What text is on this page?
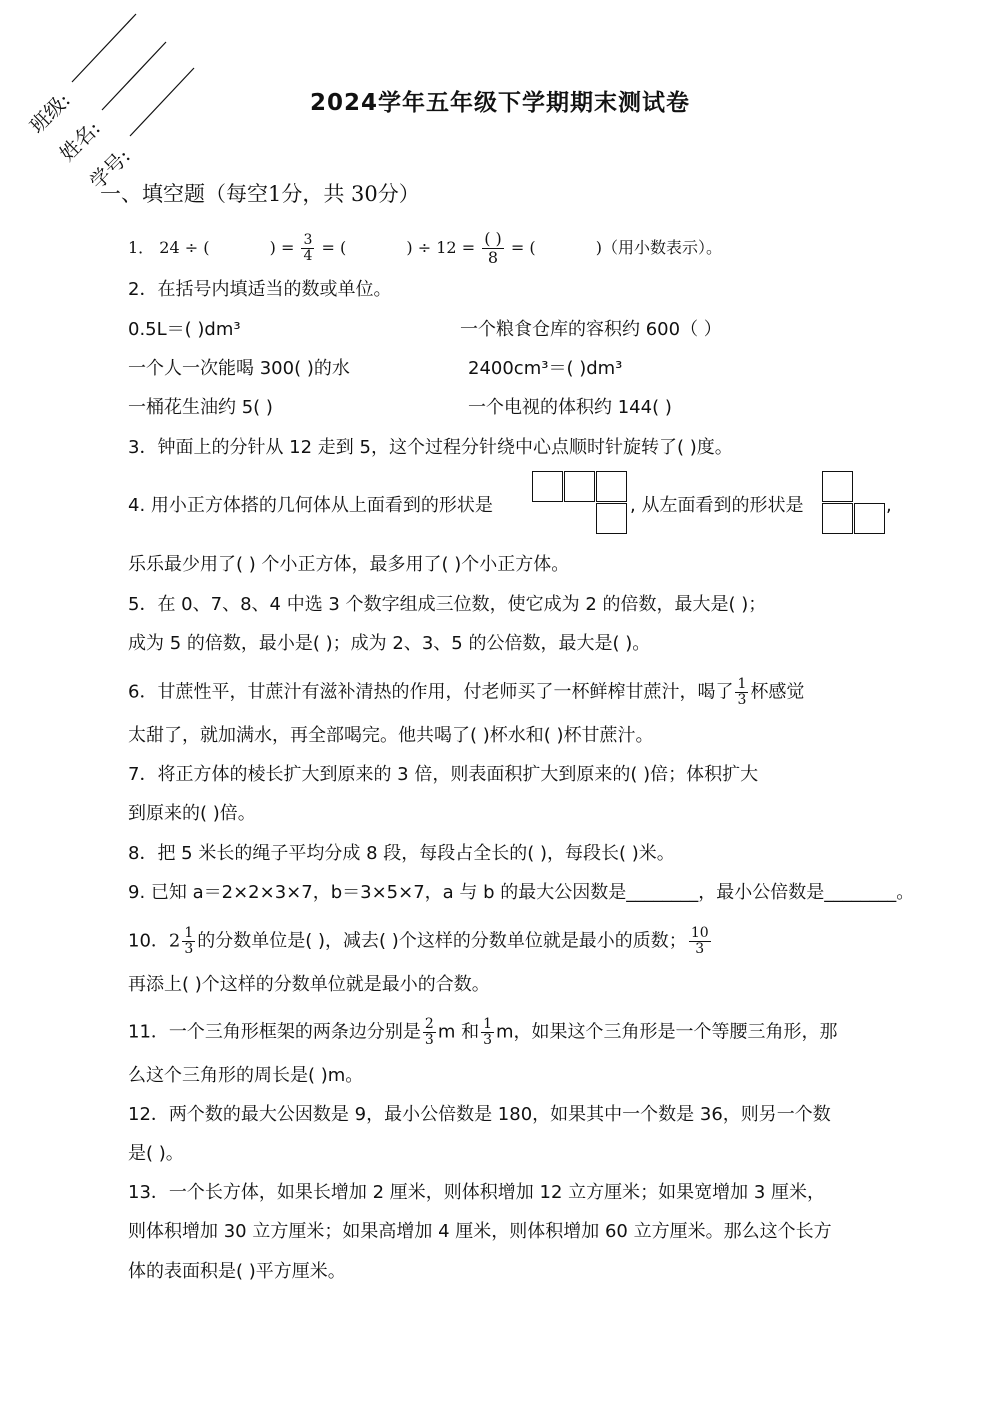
班级:
姓名:
学号:
2024学年五年级下学期期末测试卷
一、填空题（每空1分，共 30分）
1． 24 ÷ (	) = $\frac{3}{4}$ = (	) ÷ $12 = \frac{( )}{8}$ = (	)（用小数表示）。
2．在括号内填适当的数或单位。
0.5L＝( )dm³	一个粮食仓库的容积约 600（ ）
一个人一次能喝 300( )的水	2400cm³＝( )dm³
一桶花生油约 5( )	一个电视的体积约 144( )
3．钟面上的分针从 12 走到 5，这个过程分针绕中心点顺时针旋转了( )度。
4. 用小正方体搭的几何体从上面看到的形状是	, 从左面看到的形状是	,
乐乐最少用了( ) 个小正方体，最多用了( )个小正方体。
5．在 0、7、8、4 中选 3 个数字组成三位数，使它成为 2 的倍数，最大是( )；
成为 5 的倍数，最小是( )；成为 2、3、5 的公倍数，最大是( )。
6．甘蔗性平，甘蔗汁有滋补清热的作用，付老师买了一杯鲜榨甘蔗汁，喝了 $\frac{1}{3}$ 杯感觉
太甜了，就加满水，再全部喝完。他共喝了( )杯水和( )杯甘蔗汁。
7．将正方体的棱长扩大到原来的 3 倍，则表面积扩大到原来的( )倍；体积扩大
到原来的( )倍。
8．把 5 米长的绳子平均分成 8 段，每段占全长的( )，每段长( )米。
9. 已知 a＝2×2×3×7，b＝3×5×7，a 与 b 的最大公因数是________，最小公倍数是________。
10．$2 \frac{1}{3}$ 的分数单位是( )，减去( )个这样的分数单位就是最小的质数； $\frac{10}{3}$
再添上( )个这样的分数单位就是最小的合数。
11．一个三角形框架的两条边分别是 $\frac{2}{3}$ m 和 $\frac{1}{3}$ m，如果这个三角形是一个等腰三角形，那
么这个三角形的周长是( )m。
12．两个数的最大公因数是 9，最小公倍数是 180，如果其中一个数是 36，则另一个数
是( )。
13．一个长方体，如果长增加 2 厘米，则体积增加 12 立方厘米；如果宽增加 3 厘米，
则体积增加 30 立方厘米；如果高增加 4 厘米，则体积增加 60 立方厘米。那么这个长方
体的表面积是( )平方厘米。
